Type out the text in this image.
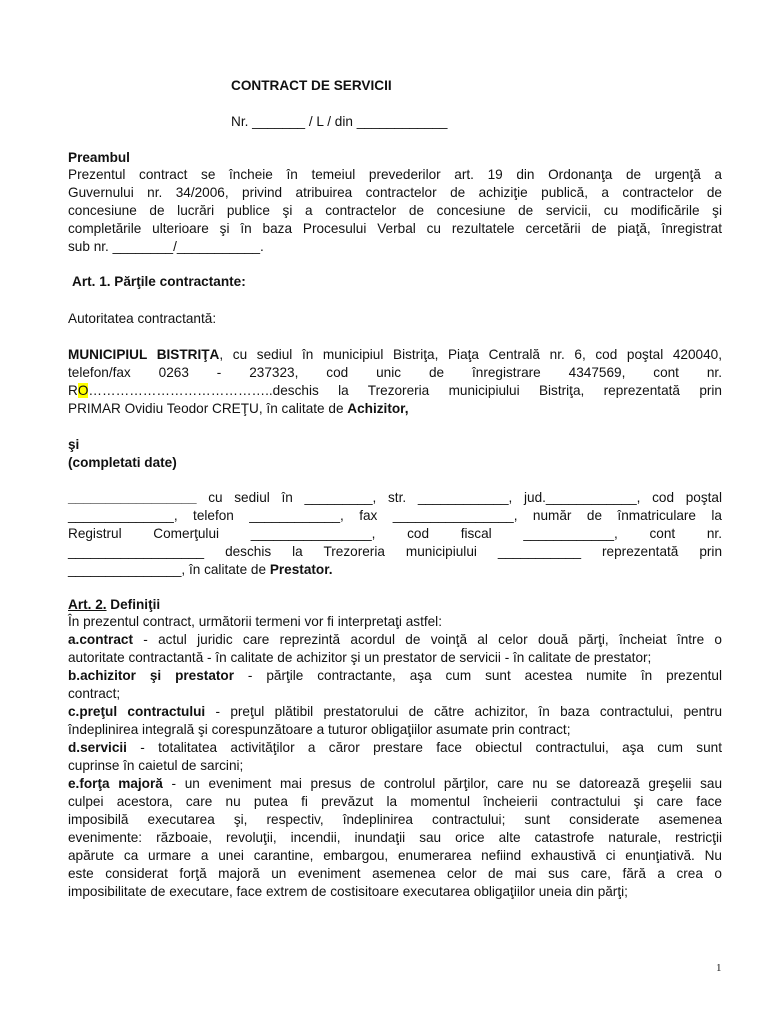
CONTRACT DE SERVICII
Nr. _______ / L / din ____________
Preambul
Prezentul contract se încheie în temeiul prevederilor art. 19 din Ordonanţa de urgenţă a
Guvernului nr. 34/2006, privind atribuirea contractelor de achiziţie publică, a contractelor de
concesiune de lucrări publice şi a contractelor de concesiune de servicii, cu modificările şi
completările ulterioare şi în baza Procesului Verbal cu rezultatele cercetării de piaţă, înregistrat
sub nr. ________/___________.
Art. 1. Părţile contractante:
Autoritatea contractantă:
MUNICIPIUL BISTRIŢA, cu sediul în municipiul Bistriţa, Piaţa Centrală nr. 6, cod poştal 420040,
telefon/fax 0263 - 237323, cod unic de înregistrare 4347569, cont nr.
RO…………………………………..deschis la Trezoreria municipiului Bistriţa, reprezentată prin
PRIMAR Ovidiu Teodor CREŢU, în calitate de Achizitor,
şi
(completati date)
_________________ cu sediul în _________, str. ____________, jud.____________, cod poştal
______________, telefon ____________, fax ________________, număr de înmatriculare la
Registrul Comerţului ________________, cod fiscal ____________, cont nr.
__________________ deschis la Trezoreria municipiului ___________ reprezentată prin
_______________, în calitate de Prestator.
Art. 2. Definiţii
În prezentul contract, următorii termeni vor fi interpretaţi astfel:
a.contract - actul juridic care reprezintă acordul de voinţă al celor două părţi, încheiat între o
autoritate contractantă - în calitate de achizitor şi un prestator de servicii - în calitate de prestator;
b.achizitor şi prestator - părţile contractante, aşa cum sunt acestea numite în prezentul
contract;
c.preţul contractului - preţul plătibil prestatorului de către achizitor, în baza contractului, pentru
îndeplinirea integrală şi corespunzătoare a tuturor obligaţiilor asumate prin contract;
d.servicii - totalitatea activităţilor a căror prestare face obiectul contractului, aşa cum sunt
cuprinse în caietul de sarcini;
e.forţa majoră - un eveniment mai presus de controlul părţilor, care nu se datorează greşelii sau
culpei acestora, care nu putea fi prevăzut la momentul încheierii contractului şi care face
imposibilă executarea şi, respectiv, îndeplinirea contractului; sunt considerate asemenea
evenimente: războaie, revoluţii, incendii, inundaţii sau orice alte catastrofe naturale, restricţii
apărute ca urmare a unei carantine, embargou, enumerarea nefiind exhaustivă ci enunţiativă. Nu
este considerat forţă majoră un eveniment asemenea celor de mai sus care, fără a crea o
imposibilitate de executare, face extrem de costisitoare executarea obligaţiilor uneia din părţi;
1
